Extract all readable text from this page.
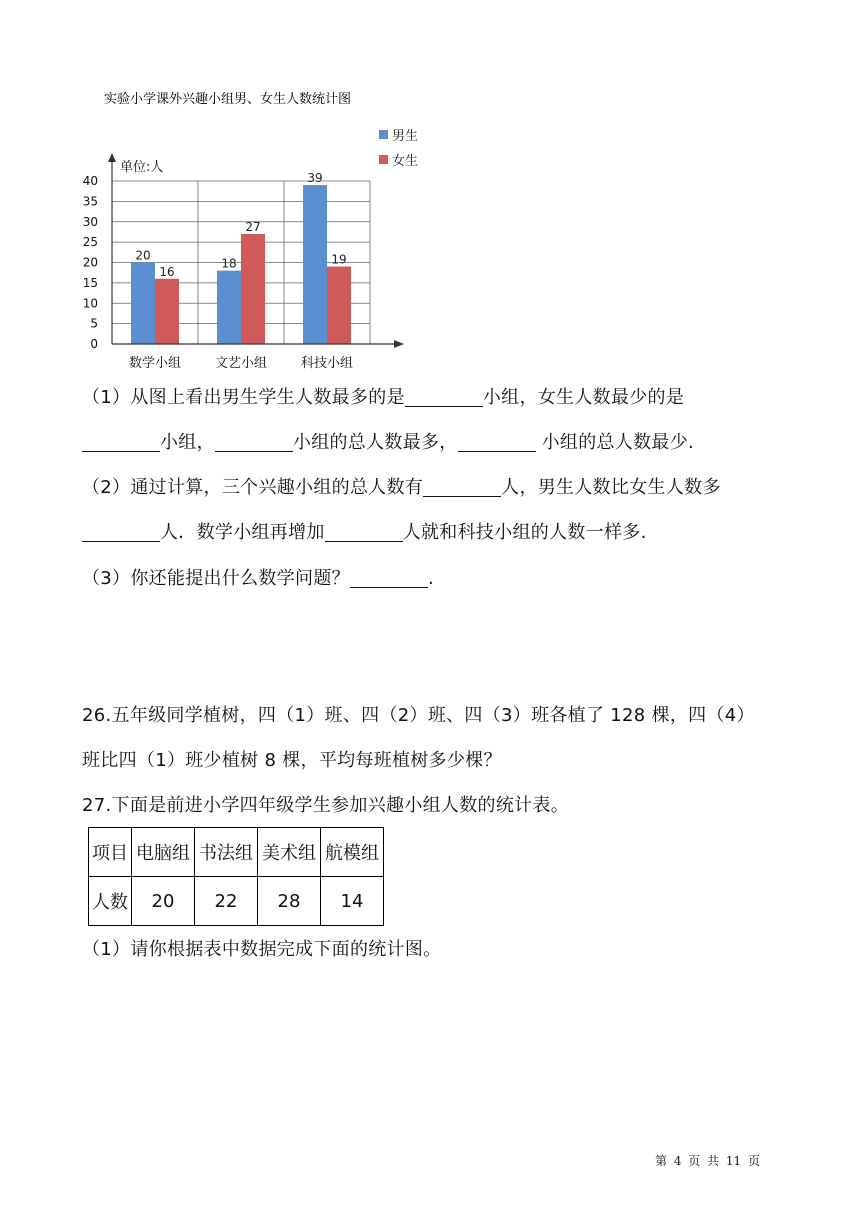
实验小学课外兴趣小组男、女生人数统计图
0
5
10
15
20
25
30
35
40
20
16
数学小组
18
27
文艺小组
39
19
科技小组
单位:人
男生
女生
（1）从图上看出男生学生人数最多的是	小组，女生人数最少的是
小组，	小组的总人数最多，	小组的总人数最少.
（2）通过计算，三个兴趣小组的总人数有	人，男生人数比女生人数多
人．数学小组再增加	人就和科技小组的人数一样多.
（3）你还能提出什么数学问题？	.
26.五年级同学植树，四（1）班、四（2）班、四（3）班各植了 128 棵，四（4）
班比四（1）班少植树 8 棵，平均每班植树多少棵？
27.下面是前进小学四年级学生参加兴趣小组人数的统计表。
项目	电脑组	书法组	美术组	航模组
人数	20	22	28	14
（1）请你根据表中数据完成下面的统计图。
第 4 页 共 11 页
